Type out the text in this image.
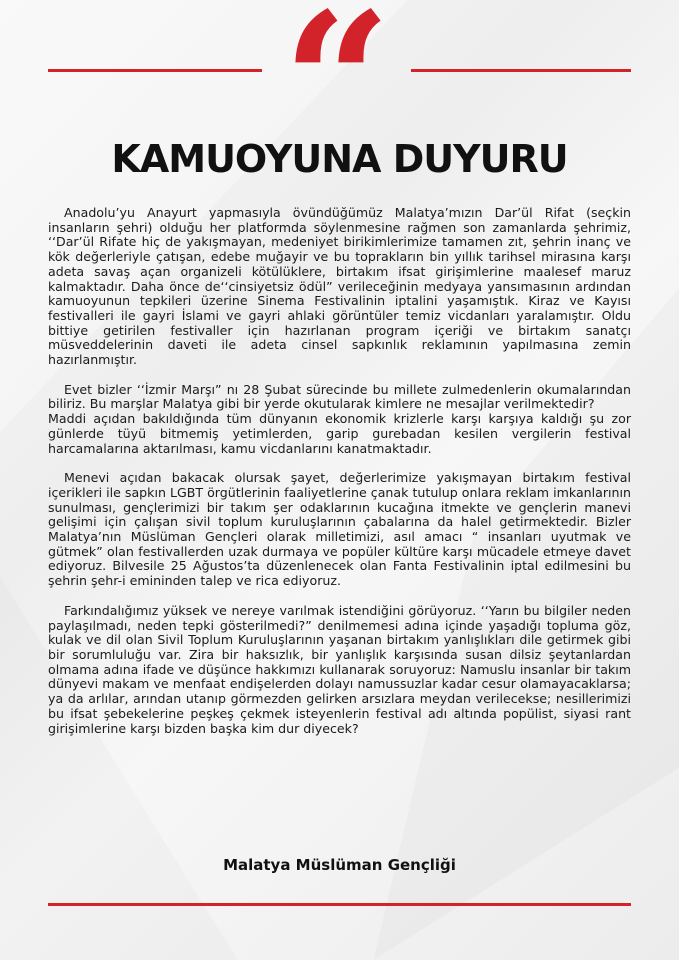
“
KAMUOYUNA DUYURU

Anadolu’yu Anayurt yapmasıyla övündüğümüz Malatya’mızın Dar’ül Rifat (seçkin insanların şehri) olduğu her platformda söylenmesine rağmen son zamanlarda şehrimiz, ‘‘Dar’ül Rifate hiç de yakışmayan, medeniyet birikimlerimize tamamen zıt, şehrin inanç ve kök değerleriyle çatışan, edebe muğayir ve bu toprakların bin yıllık tarihsel mirasına karşı adeta savaş açan organizeli kötülüklere, birtakım ifsat girişimlerine maalesef maruz kalmaktadır. Daha önce de‘‘cinsiyetsiz ödül” verileceğinin medyaya yansımasının ardından kamuoyunun tepkileri üzerine Sinema Festivalinin iptalini yaşamıştık. Kiraz ve Kayısı festivalleri ile gayri İslami ve gayri ahlaki görüntüler temiz vicdanları yaralamıştır. Oldu bittiye getirilen festivaller için hazırlanan program içeriği ve birtakım sanatçı müsveddelerinin daveti ile adeta cinsel sapkınlık reklamının yapılmasına zemin hazırlanmıştır.

Evet bizler ‘‘İzmir Marşı” nı 28 Şubat sürecinde bu millete zulmedenlerin okumalarından biliriz. Bu marşlar Malatya gibi bir yerde okutularak kimlere ne mesajlar verilmektedir?

Maddi açıdan bakıldığında tüm dünyanın ekonomik krizlerle karşı karşıya kaldığı şu zor günlerde tüyü bitmemiş yetimlerden, garip gurebadan kesilen vergilerin festival harcamalarına aktarılması, kamu vicdanlarını kanatmaktadır.

Menevi açıdan bakacak olursak şayet, değerlerimize yakışmayan birtakım festival içerikleri ile sapkın LGBT örgütlerinin faaliyetlerine çanak tutulup onlara reklam imkanlarının sunulması, gençlerimizi bir takım şer odaklarının kucağına itmekte ve gençlerin manevi gelişimi için çalışan sivil toplum kuruluşlarının çabalarına da halel getirmektedir. Bizler Malatya’nın Müslüman Gençleri olarak milletimizi, asıl amacı “ insanları uyutmak ve gütmek” olan festivallerden uzak durmaya ve popüler kültüre karşı mücadele etmeye davet ediyoruz. Bilvesile 25 Ağustos’ta düzenlenecek olan Fanta Festivalinin iptal edilmesini bu şehrin şehr-i emininden talep ve rica ediyoruz.

Farkındalığımız yüksek ve nereye varılmak istendiğini görüyoruz. ‘‘Yarın bu bilgiler neden paylaşılmadı, neden tepki gösterilmedi?” denilmemesi adına içinde yaşadığı topluma göz, kulak ve dil olan Sivil Toplum Kuruluşlarının yaşanan birtakım yanlışlıkları dile getirmek gibi bir sorumluluğu var. Zira bir haksızlık, bir yanlışlık karşısında susan dilsiz şeytanlardan olmama adına ifade ve düşünce hakkımızı kullanarak soruyoruz: Namuslu insanlar bir takım dünyevi makam ve menfaat endişelerden dolayı namussuzlar kadar cesur olamayacaklarsa; ya da arlılar, arından utanıp görmezden gelirken arsızlara meydan verilecekse; nesillerimizi bu ifsat şebekelerine peşkeş çekmek isteyenlerin festival adı altında popülist, siyasi rant girişimlerine karşı bizden başka kim dur diyecek?

Malatya Müslüman Gençliği
